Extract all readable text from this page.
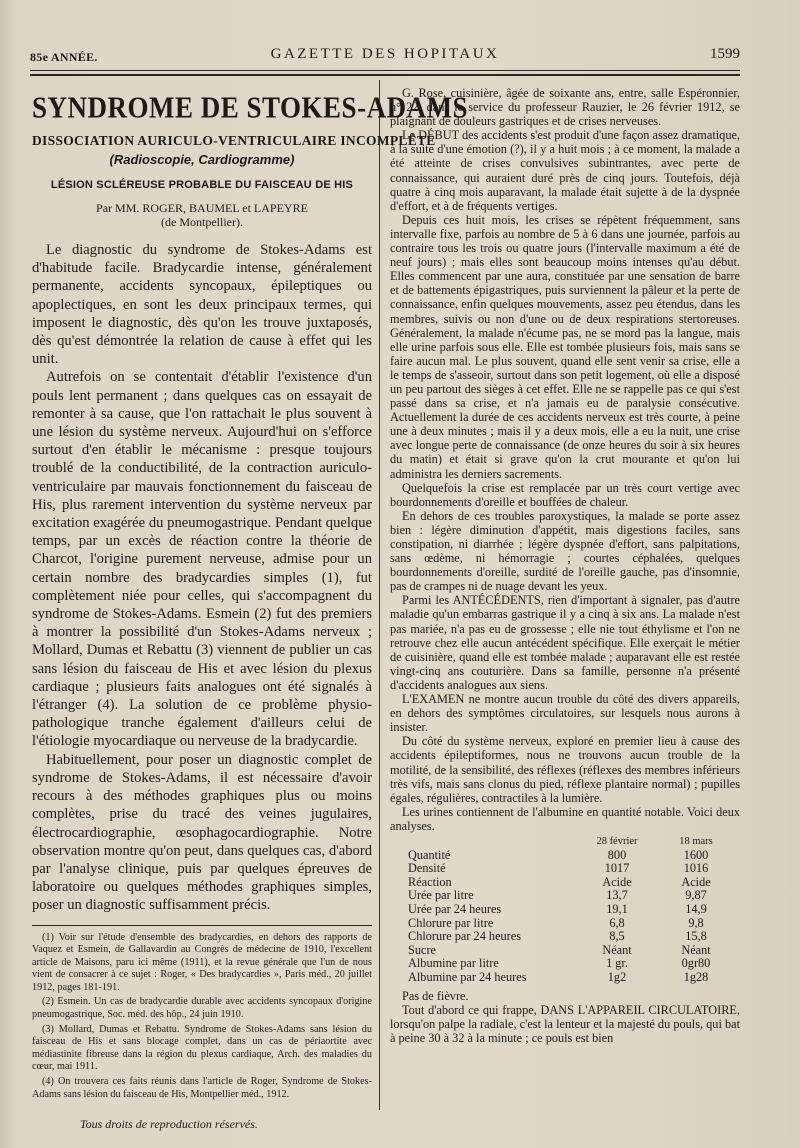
85e ANNÉE.	GAZETTE DES HOPITAUX	1599
SYNDROME DE STOKES-ADAMS
DISSOCIATION AURICULO-VENTRICULAIRE INCOMPLÈTE
(Radioscopie, Cardiogramme)
LÉSION SCLÉREUSE PROBABLE DU FAISCEAU DE HIS
Par MM. ROGER, BAUMEL et LAPEYRE
(de Montpellier).

Le diagnostic du syndrome de Stokes-Adams est d'habitude facile. Bradycardie intense, généralement permanente, accidents syncopaux, épileptiques ou apoplectiques, en sont les deux principaux termes, qui imposent le diagnostic, dès qu'on les trouve juxtaposés, dès qu'est démontrée la relation de cause à effet qui les unit.

Autrefois on se contentait d'établir l'existence d'un pouls lent permanent ; dans quelques cas on essayait de remonter à sa cause, que l'on rattachait le plus souvent à une lésion du système nerveux. Aujourd'hui on s'efforce surtout d'en établir le mécanisme : presque toujours troublé de la conductibilité, de la contraction auriculo-ventriculaire par mauvais fonctionnement du faisceau de His, plus rarement intervention du système nerveux par excitation exagérée du pneumogastrique. Pendant quelque temps, par un excès de réaction contre la théorie de Charcot, l'origine purement nerveuse, admise pour un certain nombre des bradycardies simples (1), fut complètement niée pour celles, qui s'accompagnent du syndrome de Stokes-Adams. Esmein (2) fut des premiers à montrer la possibilité d'un Stokes-Adams nerveux ; Mollard, Dumas et Rebattu (3) viennent de publier un cas sans lésion du faisceau de His et avec lésion du plexus cardiaque ; plusieurs faits analogues ont été signalés à l'étranger (4). La solution de ce problème physio-pathologique tranche également d'ailleurs celui de l'étiologie myocardiaque ou nerveuse de la bradycardie.

Habituellement, pour poser un diagnostic complet de syndrome de Stokes-Adams, il est nécessaire d'avoir recours à des méthodes graphiques plus ou moins complètes, prise du tracé des veines jugulaires, électrocardiographie, œsophagocardiographie. Notre observation montre qu'on peut, dans quelques cas, d'abord par l'analyse clinique, puis par quelques épreuves de laboratoire ou quelques méthodes graphiques simples, poser un diagnostic suffisamment précis.

(1) Voir sur l'étude d'ensemble des bradycardies, en dehors des rapports de Vaquez et Esmein, de Gallavardin au Congrès de médecine de 1910, l'excellent article de Maisons, paru ici même (1911), et la revue générale que l'un de nous vient de consacrer à ce sujet : Roger, « Des bradycardies », Paris méd., 20 juillet 1912, pages 181-191.

(2) Esmein. Un cas de bradycardie durable avec accidents syncopaux d'origine pneumogastrique, Soc. méd. des hôp., 24 juin 1910.

(3) Mollard, Dumas et Rebattu. Syndrome de Stokes-Adams sans lésion du faisceau de His et sans blocage complet, dans un cas de périaortite avec médiastinite fibreuse dans la région du plexus cardiaque, Arch. des maladies du cœur, mai 1911.

(4) On trouvera ces faits réunis dans l'article de Roger, Syndrome de Stokes-Adams sans lésion du faisceau de His, Montpellier méd., 1912.

G. Rose, cuisinière, âgée de soixante ans, entre, salle Espéronnier, n° 22, dans le service du professeur Rauzier, le 26 février 1912, se plaignant de douleurs gastriques et de crises nerveuses.

Le DÉBUT des accidents s'est produit d'une façon assez dramatique, à la suite d'une émotion (?), il y a huit mois ; à ce moment, la malade a été atteinte de crises convulsives subintrantes, avec perte de connaissance, qui auraient duré près de cinq jours. Toutefois, déjà quatre à cinq mois auparavant, la malade était sujette à de la dyspnée d'effort, et à de fréquents vertiges.

Depuis ces huit mois, les crises se répètent fréquemment, sans intervalle fixe, parfois au nombre de 5 à 6 dans une journée, parfois au contraire tous les trois ou quatre jours (l'intervalle maximum a été de neuf jours) ; mais elles sont beaucoup moins intenses qu'au début. Elles commencent par une aura, constituée par une sensation de barre et de battements épigastriques, puis surviennent la pâleur et la perte de connaissance, enfin quelques mouvements, assez peu étendus, dans les membres, suivis ou non d'une ou de deux respirations stertoreuses. Généralement, la malade n'écume pas, ne se mord pas la langue, mais elle urine parfois sous elle. Elle est tombée plusieurs fois, mais sans se faire aucun mal. Le plus souvent, quand elle sent venir sa crise, elle a le temps de s'asseoir, surtout dans son petit logement, où elle a disposé un peu partout des sièges à cet effet. Elle ne se rappelle pas ce qui s'est passé dans sa crise, et n'a jamais eu de paralysie consécutive. Actuellement la durée de ces accidents nerveux est très courte, à peine une à deux minutes ; mais il y a deux mois, elle a eu la nuit, une crise avec longue perte de connaissance (de onze heures du soir à six heures du matin) et était si grave qu'on la crut mourante et qu'on lui administra les derniers sacrements.

Quelquefois la crise est remplacée par un très court vertige avec bourdonnements d'oreille et bouffées de chaleur.

En dehors de ces troubles paroxystiques, la malade se porte assez bien : légère diminution d'appétit, mais digestions faciles, sans constipation, ni diarrhée ; légère dyspnée d'effort, sans palpitations, sans œdème, ni hémorragie ; courtes céphalées, quelques bourdonnements d'oreille, surdité de l'oreille gauche, pas d'insomnie, pas de crampes ni de nuage devant les yeux.

Parmi les ANTÉCÉDENTS, rien d'important à signaler, pas d'autre maladie qu'un embarras gastrique il y a cinq à six ans. La malade n'est pas mariée, n'a pas eu de grossesse ; elle nie tout éthylisme et l'on ne retrouve chez elle aucun antécédent spécifique. Elle exerçait le métier de cuisinière, quand elle est tombée malade ; auparavant elle est restée vingt-cinq ans couturière. Dans sa famille, personne n'a présenté d'accidents analogues aux siens.

L'EXAMEN ne montre aucun trouble du côté des divers appareils, en dehors des symptômes circulatoires, sur lesquels nous aurons à insister.

Du côté du système nerveux, exploré en premier lieu à cause des accidents épileptiformes, nous ne trouvons aucun trouble de la motilité, de la sensibilité, des réflexes (réflexes des membres inférieurs très vifs, mais sans clonus du pied, réflexe plantaire normal) ; pupilles égales, régulières, contractiles à la lumière.

Les urines contiennent de l'albumine en quantité notable. Voici deux analyses.

	28 février	18 mars
Quantité	800	1600
Densité	1017	1016
Réaction	Acide	Acide
Urée par litre	13,7	9,87
Urée par 24 heures	19,1	14,9
Chlorure par litre	6,8	9,8
Chlorure par 24 heures	8,5	15,8
Sucre	Néant	Néant
Albumine par litre	1 gr.	0gr80
Albumine par 24 heures	1g2	1g28

Pas de fièvre.

Tout d'abord ce qui frappe, DANS L'APPAREIL CIRCULATOIRE, lorsqu'on palpe la radiale, c'est la lenteur et la majesté du pouls, qui bat à peine 30 à 32 à la minute ; ce pouls est bien

Tous droits de reproduction réservés.
